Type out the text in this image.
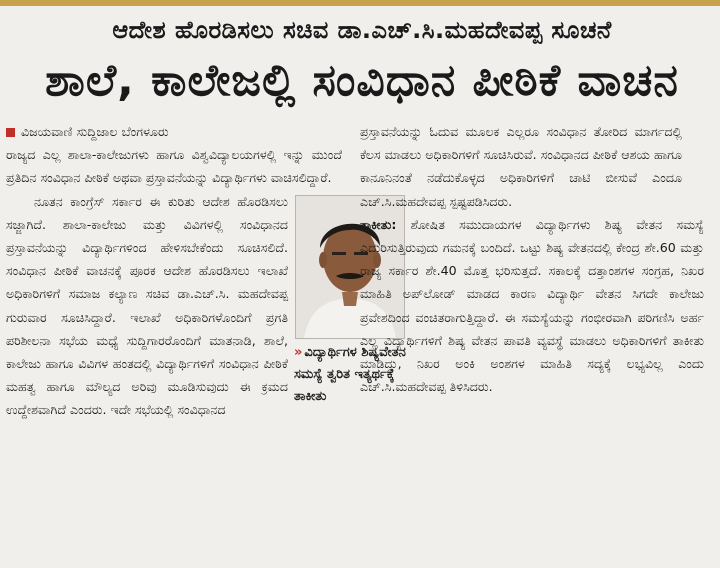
ಆದೇಶ ಹೊರಡಿಸಲು ಸಚಿವ ಡಾ.ಎಚ್.ಸಿ.ಮಹದೇವಪ್ಪ ಸೂಚನೆ
ಶಾಲೆ, ಕಾಲೇಜಲ್ಲಿ ಸಂವಿಧಾನ ಪೀಠಿಕೆ ವಾಚನ
ವಿಜಯವಾಣಿ ಸುದ್ದಿಜಾಲ ಬೆಂಗಳೂರು

ರಾಜ್ಯದ ಎಲ್ಲ ಶಾಲಾ-ಕಾಲೇಜುಗಳು ಹಾಗೂ ವಿಶ್ವವಿದ್ಯಾಲಯಗಳಲ್ಲಿ ಇನ್ನು ಮುಂದೆ ಪ್ರತಿದಿನ ಸಂವಿಧಾನ ಪೀಠಿಕೆ ಅಥವಾ ಪ್ರಸ್ತಾವನೆಯನ್ನು ವಿದ್ಯಾರ್ಥಿಗಳು ವಾಚಿಸಲಿದ್ದಾರೆ.

ನೂತನ ಕಾಂಗ್ರೆಸ್ ಸರ್ಕಾರ ಈ ಕುರಿತು ಆದೇಶ ಹೊರಡಿಸಲು ಸಜ್ಜಾಗಿದೆ. ಶಾಲಾ-ಕಾಲೇಜು ಮತ್ತು ವಿವಿಗಳಲ್ಲಿ ಸಂವಿಧಾನದ ಪ್ರಸ್ತಾವನೆಯನ್ನು ವಿದ್ಯಾರ್ಥಿಗಳಿಂದ ಹೇಳಿಸಬೇಕೆಂದು ಸೂಚಿಸಲಿದೆ. ಸಂವಿಧಾನ ಪೀಠಿಕೆ ವಾಚನಕ್ಕೆ ಪೂರಕ ಆದೇಶ ಹೊರಡಿಸಲು ಇಲಾಖೆ ಅಧಿಕಾರಿಗಳಿಗೆ ಸಮಾಜ ಕಲ್ಯಾಣ ಸಚಿವ ಡಾ.ಎಚ್.ಸಿ. ಮಹದೇವಪ್ಪ ಗುರುವಾರ ಸೂಚಿಸಿದ್ದಾರೆ. ಇಲಾಖೆ ಅಧಿಕಾರಿಗಳೊಂದಿಗೆ ಪ್ರಗತಿ ಪರಿಶೀಲನಾ ಸಭೆಯ ಮಧ್ಯೆ ಸುದ್ದಿಗಾರರೊಂದಿಗೆ ಮಾತನಾಡಿ, ಶಾಲೆ, ಕಾಲೇಜು ಹಾಗೂ ವಿವಿಗಳ ಹಂತದಲ್ಲಿ ವಿದ್ಯಾರ್ಥಿಗಳಿಗೆ ಸಂವಿಧಾನ ಪೀಠಿಕೆ ಮಹತ್ವ ಹಾಗೂ ಮೌಲ್ಯದ ಅರಿವು ಮೂಡಿಸುವುದು ಈ ಕ್ರಮದ ಉದ್ದೇಶವಾಗಿದೆ ಎಂದರು. ಇದೇ ಸಭೆಯಲ್ಲಿ ಸಂವಿಧಾನದ

» ವಿದ್ಯಾರ್ಥಿಗಳ ಶಿಷ್ಯವೇತನ ಸಮಸ್ಯೆ ತ್ವರಿತ ಇತ್ಯರ್ಥಕ್ಕೆ ತಾಕೀತು

ಪ್ರಸ್ತಾವನೆಯನ್ನು ಓದುವ ಮೂಲಕ ಎಲ್ಲರೂ ಸಂವಿಧಾನ ತೋರಿದ ಮಾರ್ಗದಲ್ಲಿ ಕೆಲಸ ಮಾಡಲು ಅಧಿಕಾರಿಗಳಿಗೆ ಸೂಚಿಸಿರುವೆ. ಸಂವಿಧಾನದ ಪೀಠಿಕೆ ಆಶಯ ಹಾಗೂ ಕಾನೂನಿನಂತೆ ನಡೆದುಕೊಳ್ಳದ ಅಧಿಕಾರಿಗಳಿಗೆ ಚಾಟಿ ಬೀಸುವೆ ಎಂದೂ ಎಚ್.ಸಿ.ಮಹದೇವಪ್ಪ ಸ್ಪಷ್ಟಪಡಿಸಿದರು.

ತಾಕೀತು: ಶೋಷಿತ ಸಮುದಾಯಗಳ ವಿದ್ಯಾರ್ಥಿಗಳು ಶಿಷ್ಯ ವೇತನ ಸಮಸ್ಯೆ ಎದುರಿಸುತ್ತಿರುವುದು ಗಮನಕ್ಕೆ ಬಂದಿದೆ. ಒಟ್ಟು ಶಿಷ್ಯ ವೇತನದಲ್ಲಿ ಕೇಂದ್ರ ಶೇ.60 ಮತ್ತು ರಾಜ್ಯ ಸರ್ಕಾರ ಶೇ.40 ಮೊತ್ತ ಭರಿಸುತ್ತದೆ. ಸಕಾಲಕ್ಕೆ ದತ್ತಾಂಶಗಳ ಸಂಗ್ರಹ, ನಿಖರ ಮಾಹಿತಿ ಅಪ್‌ಲೋಡ್ ಮಾಡದ ಕಾರಣ ವಿದ್ಯಾರ್ಥಿ ವೇತನ ಸಿಗದೇ ಕಾಲೇಜು ಪ್ರವೇಶದಿಂದ ವಂಚಿತರಾಗುತ್ತಿದ್ದಾರೆ. ಈ ಸಮಸ್ಯೆಯನ್ನು ಗಂಭೀರವಾಗಿ ಪರಿಗಣಿಸಿ ಅರ್ಹ ಎಲ್ಲ ವಿದ್ಯಾರ್ಥಿಗಳಿಗೆ ಶಿಷ್ಯ ವೇತನ ಪಾವತಿ ವ್ಯವಸ್ಥೆ ಮಾಡಲು ಅಧಿಕಾರಿಗಳಿಗೆ ತಾಕೀತು ಮಾಡಿದ್ದು, ನಿಖರ ಅಂಕಿ ಅಂಶಗಳ ಮಾಹಿತಿ ಸದ್ಯಕ್ಕೆ ಲಭ್ಯವಿಲ್ಲ ಎಂದು ಎಚ್.ಸಿ.ಮಹದೇವಪ್ಪ ತಿಳಿಸಿದರು.
